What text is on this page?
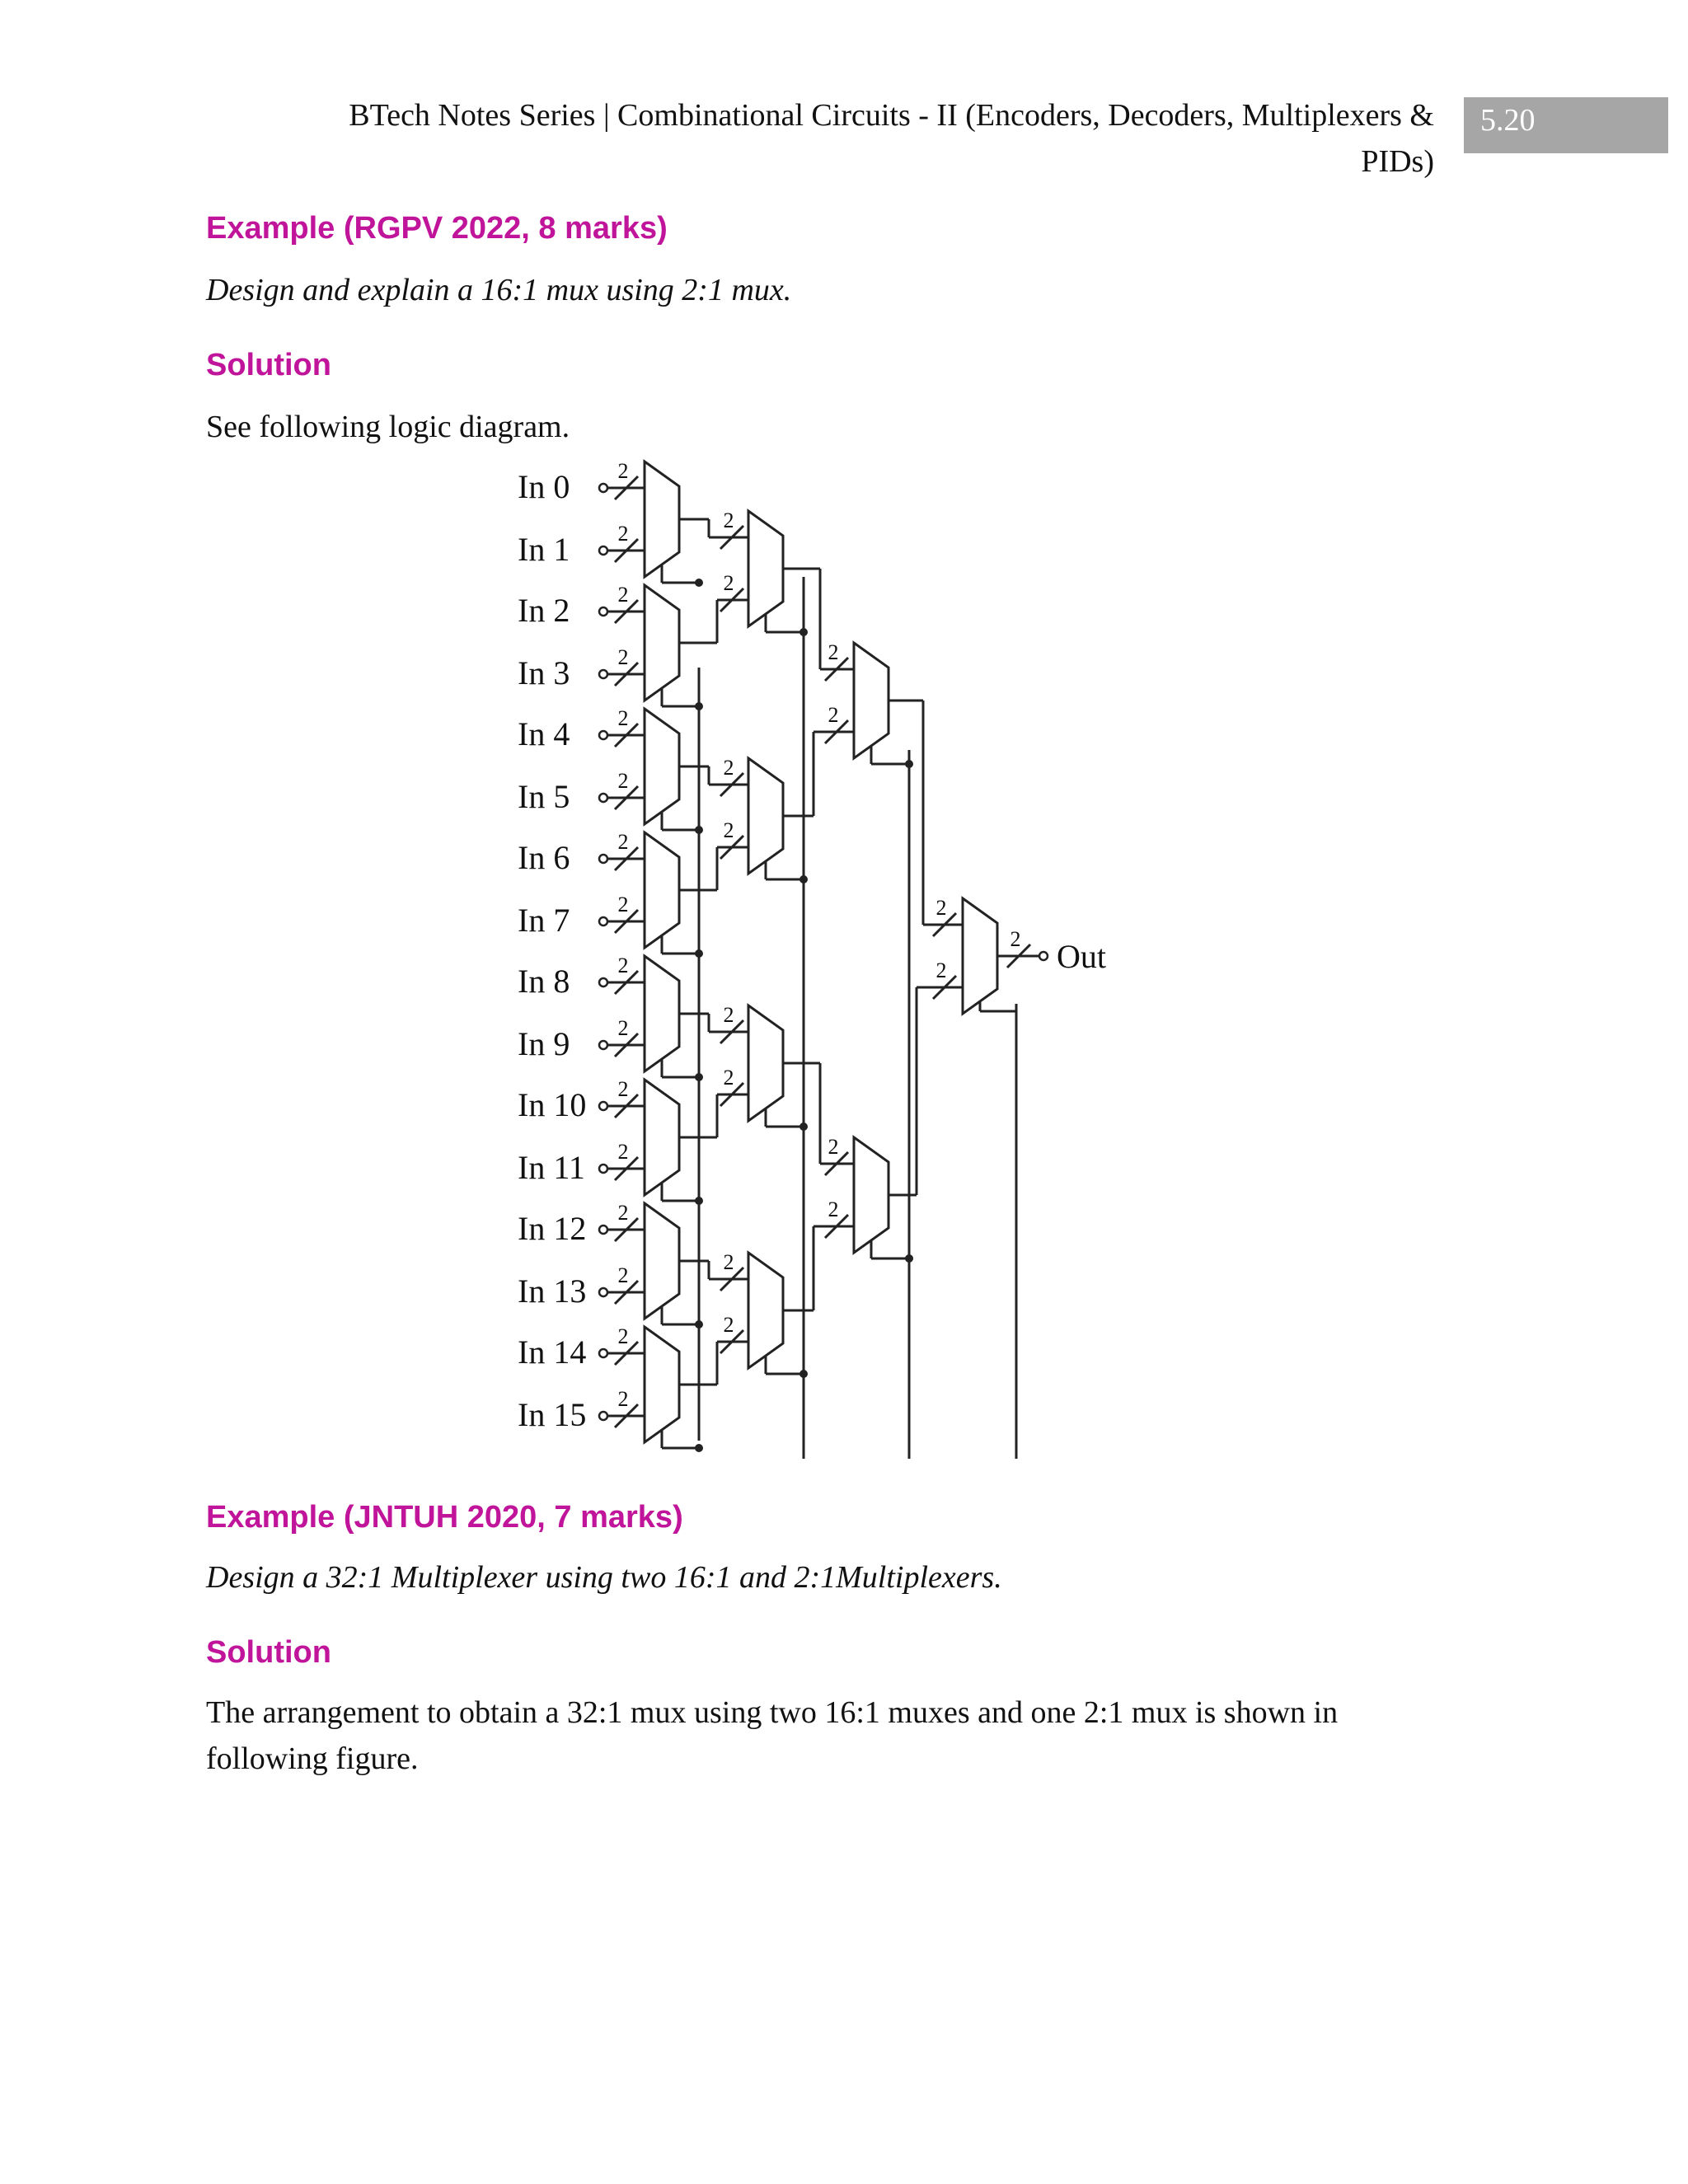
BTech Notes Series | Combinational Circuits - II (Encoders, Decoders, Multiplexers & PIDs)
5.20
Example (RGPV 2022, 8 marks)
Design and explain a 16:1 mux using 2:1 mux.
Solution
See following logic diagram.
In 0
In 1
2
2
In 2
In 3
2
2
In 4
In 5
2
2
In 6
In 7
2
2
In 8
In 9
2
2
In 10
In 11
2
2
In 12
In 13
2
2
In 14
In 15
2
2
2
2
2
2
2
2
2
2
2
2
2
2
2
2
2 Out
Example (JNTUH 2020, 7 marks)
Design a 32:1 Multiplexer using two 16:1 and 2:1Multiplexers.
Solution
The arrangement to obtain a 32:1 mux using two 16:1 muxes and one 2:1 mux is shown in following figure.
